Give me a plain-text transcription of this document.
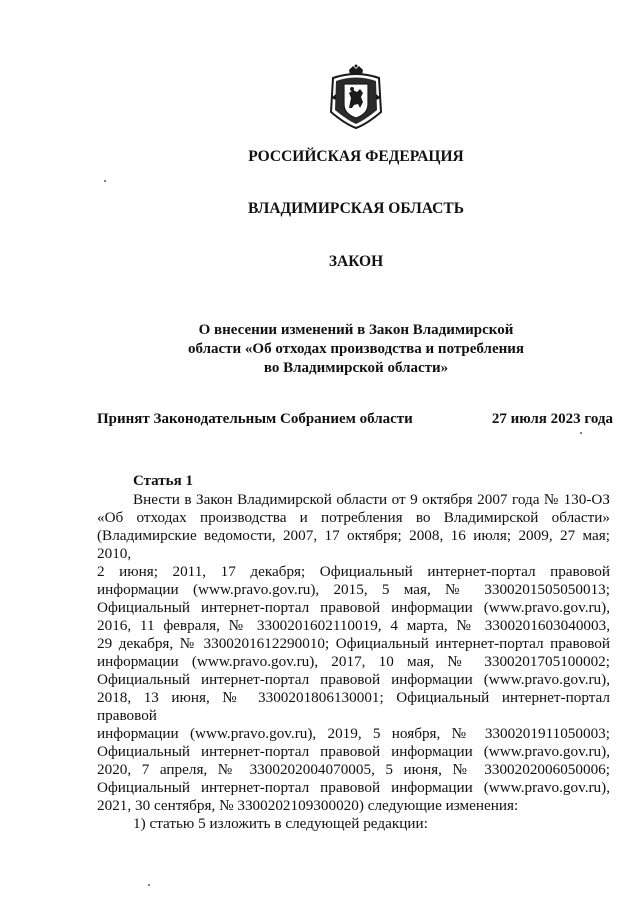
РОССИЙСКАЯ ФЕДЕРАЦИЯ
ВЛАДИМИРСКАЯ ОБЛАСТЬ
ЗАКОН
О внесении изменений в Закон Владимирской
области «Об отходах производства и потребления
во Владимирской области»
Принят Законодательным Собранием области	27 июля 2023 года
Статья 1
Внести в Закон Владимирской области от 9 октября 2007 года № 130-ОЗ
«Об отходах производства и потребления во Владимирской области»
(Владимирские ведомости, 2007, 17 октября; 2008, 16 июля; 2009, 27 мая; 2010,
2 июня; 2011, 17 декабря; Официальный интернет-портал правовой
информации (www.pravo.gov.ru), 2015, 5 мая, № 3300201505050013;
Официальный интернет-портал правовой информации (www.pravo.gov.ru),
2016, 11 февраля, № 3300201602110019, 4 марта, № 3300201603040003,
29 декабря, № 3300201612290010; Официальный интернет-портал правовой
информации (www.pravo.gov.ru), 2017, 10 мая, № 3300201705100002;
Официальный интернет-портал правовой информации (www.pravo.gov.ru),
2018, 13 июня, № 3300201806130001; Официальный интернет-портал правовой
информации (www.pravo.gov.ru), 2019, 5 ноября, № 3300201911050003;
Официальный интернет-портал правовой информации (www.pravo.gov.ru),
2020, 7 апреля, № 3300202004070005, 5 июня, № 3300202006050006;
Официальный интернет-портал правовой информации (www.pravo.gov.ru),
2021, 30 сентября, № 3300202109300020) следующие изменения:
1) статью 5 изложить в следующей редакции:
